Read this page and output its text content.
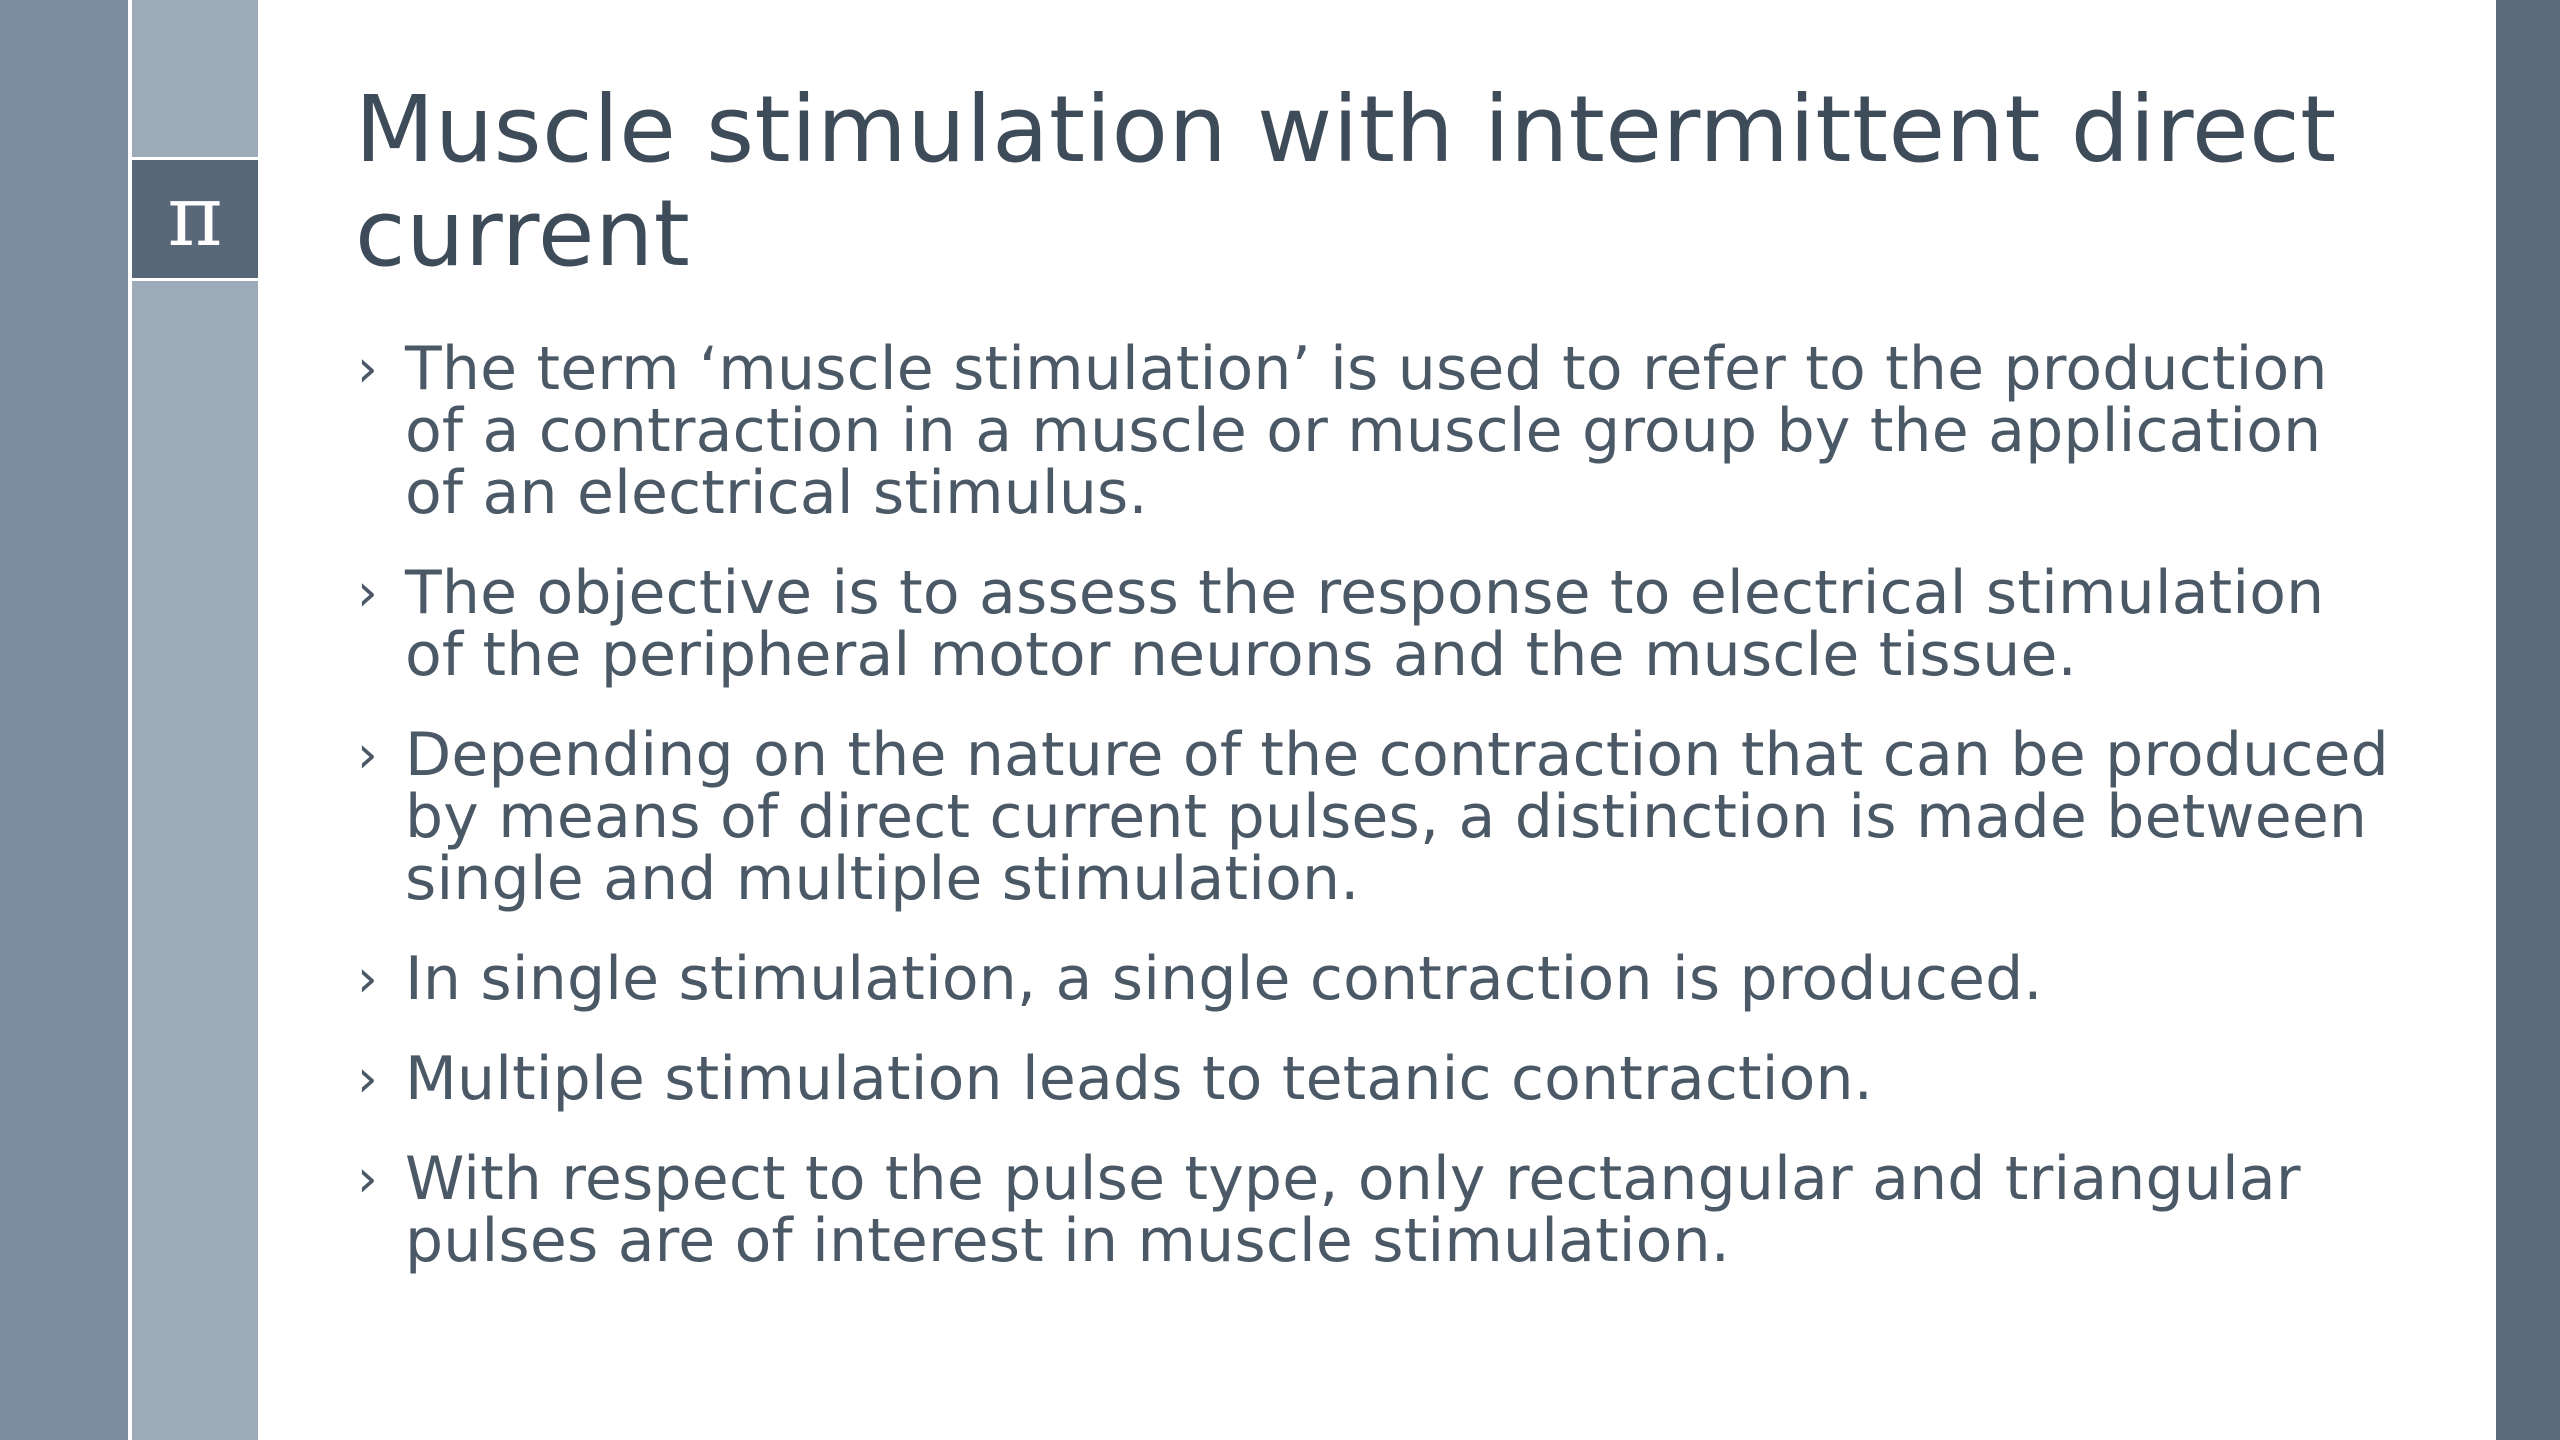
π
Muscle stimulation with intermittent direct current
› The term ‘muscle stimulation’ is used to refer to the production of a contraction in a muscle or muscle group by the application of an electrical stimulus.
› The objective is to assess the response to electrical stimulation of the peripheral motor neurons and the muscle tissue.
› Depending on the nature of the contraction that can be produced by means of direct current pulses, a distinction is made between single and multiple stimulation.
› In single stimulation, a single contraction is produced.
› Multiple stimulation leads to tetanic contraction.
› With respect to the pulse type, only rectangular and triangular pulses are of interest in muscle stimulation.
